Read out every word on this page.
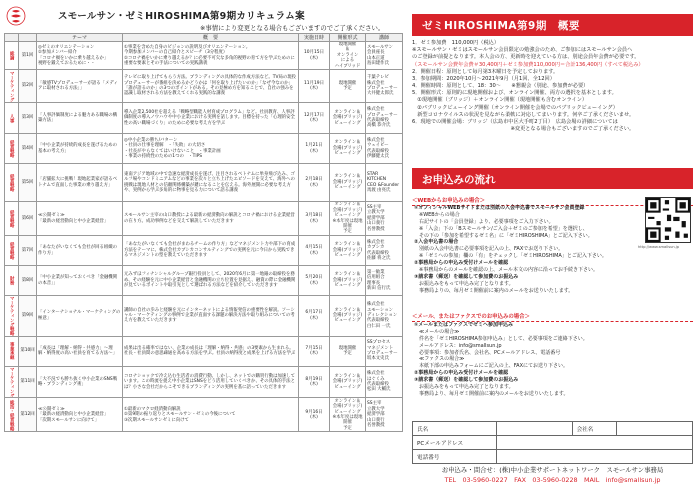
スモールサン・ゼミHIROSHIMA第9期カリキュラム案
※事情により変更となる場合もございますのでご了承ください。
		テーマ	概　要	実施日時	開催形式	講師
総論	第1回	◎ゼミのオリエンテーション
②参加メンバー紹介
「コロナ禍をいかに乗り越えるか」
視野を鍛えておるために・・	①事業を含めた自身のビジョンの説明及びオリエンテーション。
今期参加メンバーの自己紹介とスピーチ（3分程度）
②コロナ禍をいかに乗り越えるか？に必要不可欠な多角的視野の育て方を学ぶためのに重要な要素とその手法についての実践講義	10月15日
(木)	現地開催
＆
オンライン
による
ハイブリッド	スモールサン
会員座長
山本正道
島田建作氏
マーケティング	第2回	「敏感TVプロデューサーが語る「メディアに取材される方法」」	テレビに取り上げてもらう方法。ブランディングの具体的な作成方法など。TV局の現役プロデューサーが番組を決めるかどうかは「何を取り上げたいのか」「なぜ今なのか」「誰が語るのか」の3つのポイントがある。その見極め方を知ることで、自社の強みを認識し取材される方法を教えてくれる実践的な講義	11月19日
(木)	現地開催
予定	千葉テレビ
株式会社
プロデューサー
大井健太郎氏
人事	第3回	「人事評価制度による魅力ある職場の構築方法」	導入企業2,500社を超える「戦略型職能人材育成プログラム」など。社員教育、人事評価制度の導入ノウハウや中小企業における実例を話します。目標を持った「心理的安全性の高い職場づくり」のために必要な考え方を学ぶ	12月17日
(木)	オンライン＆
会場(ブリッジ)
ビューイング	株式会社
プロデューサー
代表取締役
高橋 恭介氏
経営戦略	第4回	「中小企業が持続的成長を遂げるための基本の考え方」	◎中小企業の勝ち/バターン
・社員の仕事を理解　・「失敗」の大切さ
・社長がやらなくてはいけないこと　・事業計画
・事業の持続性のための1つの　・TIPS	1月21日
(木)	オンライン＆
会場(ブリッジ)
ビューイング	株式会社
ウェイビー
代表取締役
伊藤健太氏
経営戦略	第5回	「店舗拡大に挑戦！現地起業家が語るベトナムで直面した事業の乗り越え方」	東南アジア地域の中で急速な経済成長を遂げ、注目されるベトナムに単身飛び込み、ゴルフ場やコンドミニアムなどの事業を次々と立ち上げたエピソードを交えて、海外への挑戦は現地人材との信頼関係構築が鍵になることを伝える。海外展開に必要な考え方や、実例から学ぶ多角的に物事を見る力について語る講義	2月18日
(木)	オンライン＆
会場(ブリッジ)
ビューイング	STAR
KITCHEN
CEO &Founder
馬渡 由亮氏
経営戦略	第6回	≪公開ゼミ≫
「最新の経営動向と中小企業経営」	スモールサン主宰の山口教授による最新の経済動向の解説とコロナ禍における企業経営の在り方。成功事例などを交えて解説していただきます	3月18日
(木)	オンライン＆
会場(ブリッジ)
ビューイング
※本年度は現地開催
予定	SS主宰
立教大学
経済学部
山口義行
名誉教授
経営戦略	第7回	「あなたがいなくても会社が回る組織の作り方」	「あなたがいなくても会社がまわるチームの作り方」などマネジメント力や部下の育成方法をテーマに、株式会社カブシカコンサルティングでの実例を元に今日から実践できるマネジメントの型を教えていただきます	4月15日
(木)	オンライン＆
会場(ブリッジ)
ビューイング	株式会社
カブシカ
代表取締役
佐藤 将之氏
財務	第8回	「中小企業が知っておくべき「金融機関の本音」」	元みずほフィナンシャルグループ銀行役員として、2020年6月に第一地銀の取締役を務め、その経験を元に中小企業経営と金融機関の立ち位置を見据え、融資の際に金融機関が見ているポイントや取引先として選ばれる方法などを紹介していただきます	5月20日
(木)	オンライン＆
会場(ブリッジ)
ビューイング	第一勧業
信用組合
理事長
新田 信行氏
マーケティング戦略	第9回	「インターナショナル・マーケティングの極意」	講師の自社の歩みと経験を元にインターネットによる情報発信の重要性を解説。ソーシャル・マーケティングの事例で企業が直面する課題の解決方法や取り組みについての考え方を教えていただきます	6月17日
(木)	オンライン＆
会場(ブリッジ)
ビューイング	株式会社
エモーション
ディレクション
代表取締役
白仁田 一氏
事業承継	第10回	「成長は「理解・納得・共感力」〜理解・納得度の高い社員を育てる方法〜」	成果は出る確率ではない、企業の成長は「理解・納得・共感」の3要素から生まれる。社長・社員間の意思疎通を高める方法を学ぶ。社員の納得度と成果を上げる方法を学ぶ	7月15日
(木)	現地開催
予定	SSプロセス
マネジメント
プロデューサー
坂本文史氏
マーケティング	第11回	「大不況でも勝ち抜く中小企業のSNS戦略・ブランディング術」	コロナショックで冷え込む生活者の消費行動。しかし、ネットでの購買行動は加速しています。この時流を捉え中小企業はSNSをどう活用していくべきか、その具体的手法とは？小さな会社だからこそできるブランディングの実例を基に語っていただきます	8月19日
(木)	オンライン＆
会場(ブリッジ)
ビューイング	株式会社
はぐくみ
代表取締役
松田 大輔氏
総括・経営戦略	第12回	≪公開ゼミ≫
「最新の経済動向と中小企業経営」
「次期スモールサンに向けて」	①最新のマクロ経済動向解説
②第9期の振り返りとスモールサン・ゼミの今後について
③次期スモールサンゼミに向けて	9月16日
(木)	オンライン＆
会場(ブリッジ)
ビューイング
※本年度は現地開催
予定	SS主宰
立教大学
経済学部
山口義行
名誉教授
ゼミHIROSHIMA第9期　概要
1．ゼミ参加費　110,000円（税込）
※スモールサン・ゼミはスモールサン会員限定の勉強会のため、ご参加にはスモールサン会員へ
のご登録が前提となります。本人会の方、更新時を迎えている方は、別途会員年会費が必要です。
（スモールサン会費年会費＃30,400円＋ゼミ参加費110,000円＝合計136,400円（すべて税込み）
2．開催日程：原則として毎月第3木曜日を予定しております。
3．参加期間：2020年10月〜2021年9月（月1回、全12回）
4．開催時間：原則として、18：30〜　　※懇親会（別途、参加費が必要）
5．開催形式：原則的に現地開催および、オンライン開催、両方の選択を基本とします。
　①現地開催（ブリッジ）＋オンライン開催（現地開催も含むオンライン）
　②パブリックビューイング開催（オンライン開催を会場でのパブリックビューイング）
　新型コロナウイルスの状況を見ながら柔軟に対応してまいります。何卒ご了承くださいませ。
6．現地での開催会場：ブリッジ（広島市中区大手町2丁目）　広島会場の詳細については
　　　　　　　　　　　　　　　　　　　※変更となる場合もございますのでご了承ください。
お申込みの流れ
＜WEBからお申込みの場合＞
①オフィシャルWEBサイトまたは別紙の入会申込書でスモールサン会員登録
　※WEBからの場合
　右記サイトの「会員登録」より、必要事項をご入力下さい。
　※「入会」下の「Bスモールサン/ご入会＋ゼミのご参加を希望」を選択し、
　その下の「参加を希望するゼミ名」に「ゼミHIROSHIMA」とご記入下さい。
②入会申込書の場合
　別紙の入会申込書に必要事項を記入の上、FAXでお送り下さい。
　※「ゼミへの参加」欄の「有」をチェックし「ゼミHIROSHIMA」とご記入下さい。
②事務局からの申込み受付けメールを確認
　※事務局からのメールを確認の上、メール本文の内容に沿ってお手続き下さい。
③請求書（郵送）を確認して参加費のお振込み
　お振込みをもって申込み完了となります。
　事務局よりの、毎月ゼミ開催前に案内のメールをお送りいたします。
http://www.smallsun.jp
＜メール、またはファクスでのお申込みの場合＞
①メールまたはファクスでゼミへ参加申込み
　≪メールの場合≫
　件名を「ゼミHIROSHIMA参加申込み」として、必要事項をご連絡下さい。
　メールアドレス：info@smallsun.jp
　必要事項：参加者氏名、会社名、PCメールアドレス、電話番号
　≪ファクスの場合≫
　本紙下部の申込みフォームにご記入の上、FAXにてお送り下さい。
②事務局からの申込み受付けメールを確認
③請求書（郵送）を確認して参加費のお振込み
　お振込みをもって申込み完了となります。
　事務局より、毎月ゼミ開催前に案内のメールをお送りいたします。
氏名		会社名	
PCメールアドレス			
電話番号			
お申込み・問合せ：(株)中小企業サポートネットワーク　スモールサン事務局
TEL　03-5960-0227　FAX　03-5960-0228　MAIL　info@smallsun.jp
